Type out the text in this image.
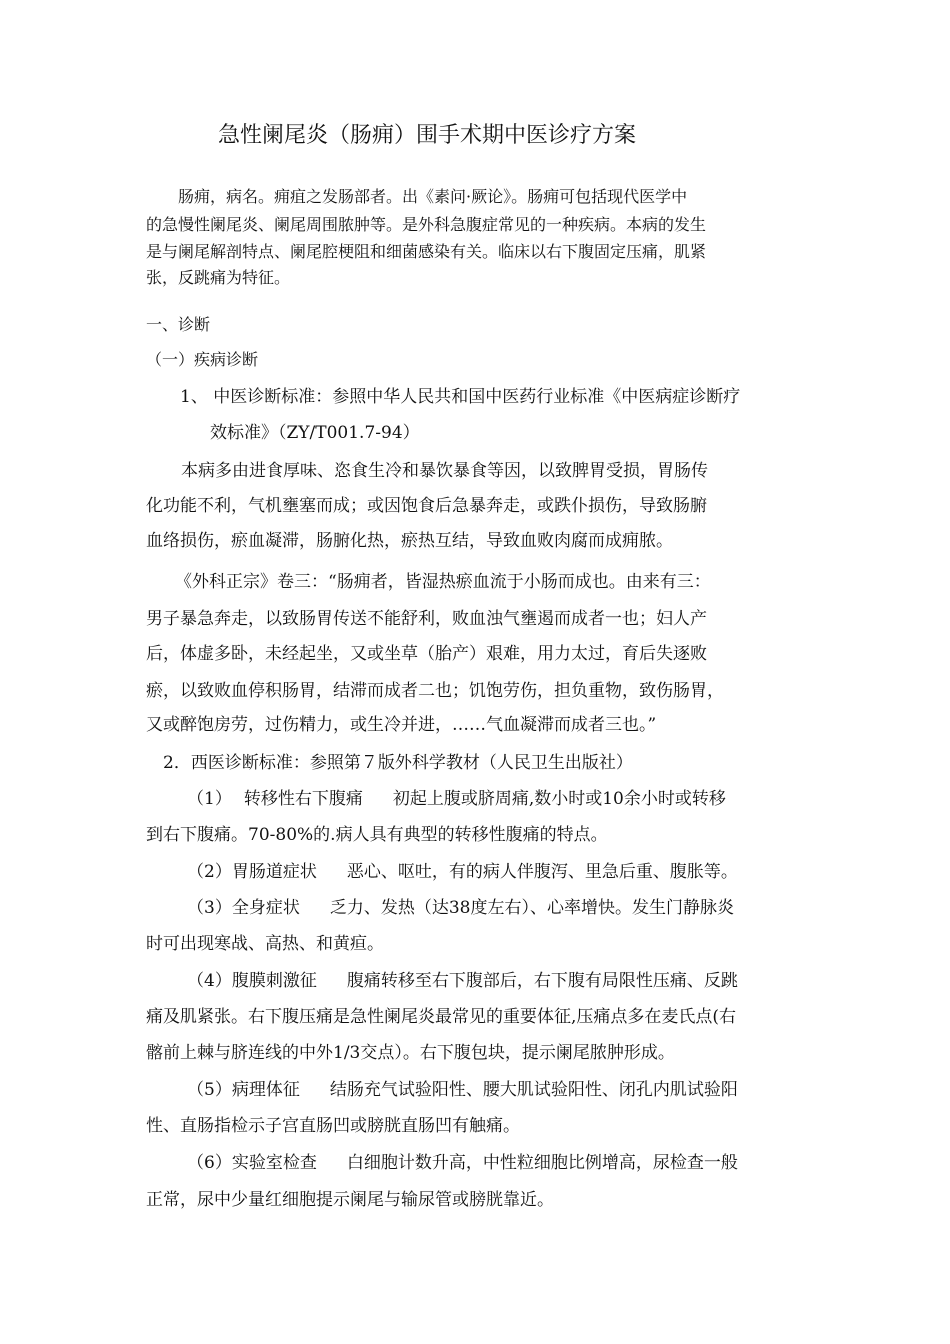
急性阑尾炎（肠痈）围手术期中医诊疗方案
肠痈，病名。痈疽之发肠部者。出《素问·厥论》。肠痈可包括现代医学中
的急慢性阑尾炎、阑尾周围脓肿等。是外科急腹症常见的一种疾病。本病的发生
是与阑尾解剖特点、阑尾腔梗阻和细菌感染有关。临床以右下腹固定压痛，肌紧
张，反跳痛为特征。
一、诊断
（一）疾病诊断
1、 中医诊断标准：参照中华人民共和国中医药行业标准《中医病症诊断疗
效标准》（ZY/T001.7-94）
本病多由进食厚味、恣食生冷和暴饮暴食等因，以致脾胃受损，胃肠传
化功能不利，气机壅塞而成；或因饱食后急暴奔走，或跌仆损伤，导致肠腑
血络损伤，瘀血凝滞，肠腑化热，瘀热互结，导致血败肉腐而成痈脓。
《外科正宗》卷三：“肠痈者，皆湿热瘀血流于小肠而成也。由来有三：
男子暴急奔走，以致肠胃传送不能舒利，败血浊气壅遏而成者一也；妇人产
后，体虚多卧，未经起坐，又或坐草（胎产）艰难，用力太过，育后失逐败
瘀，以致败血停积肠胃，结滞而成者二也；饥饱劳伤，担负重物，致伤肠胃，
又或醉饱房劳，过伤精力，或生冷并进，……气血凝滞而成者三也。”
2．西医诊断标准：参照第７版外科学教材（人民卫生出版社）
（1） 转移性右下腹痛 初起上腹或脐周痛,数小时或10余小时或转移
到右下腹痛。70-80%的.病人具有典型的转移性腹痛的特点。
（2）胃肠道症状 恶心、呕吐，有的病人伴腹泻、里急后重、腹胀等。
（3）全身症状 乏力、发热（达38度左右）、心率增快。发生门静脉炎
时可出现寒战、高热、和黄疸。
（4）腹膜刺激征 腹痛转移至右下腹部后，右下腹有局限性压痛、反跳
痛及肌紧张。右下腹压痛是急性阑尾炎最常见的重要体征,压痛点多在麦氏点(右
髂前上棘与脐连线的中外1/3交点）。右下腹包块，提示阑尾脓肿形成。
（5）病理体征 结肠充气试验阳性、腰大肌试验阳性、闭孔内肌试验阳
性、直肠指检示子宫直肠凹或膀胱直肠凹有触痛。
（6）实验室检查 白细胞计数升高，中性粒细胞比例增高，尿检查一般
正常，尿中少量红细胞提示阑尾与输尿管或膀胱靠近。
